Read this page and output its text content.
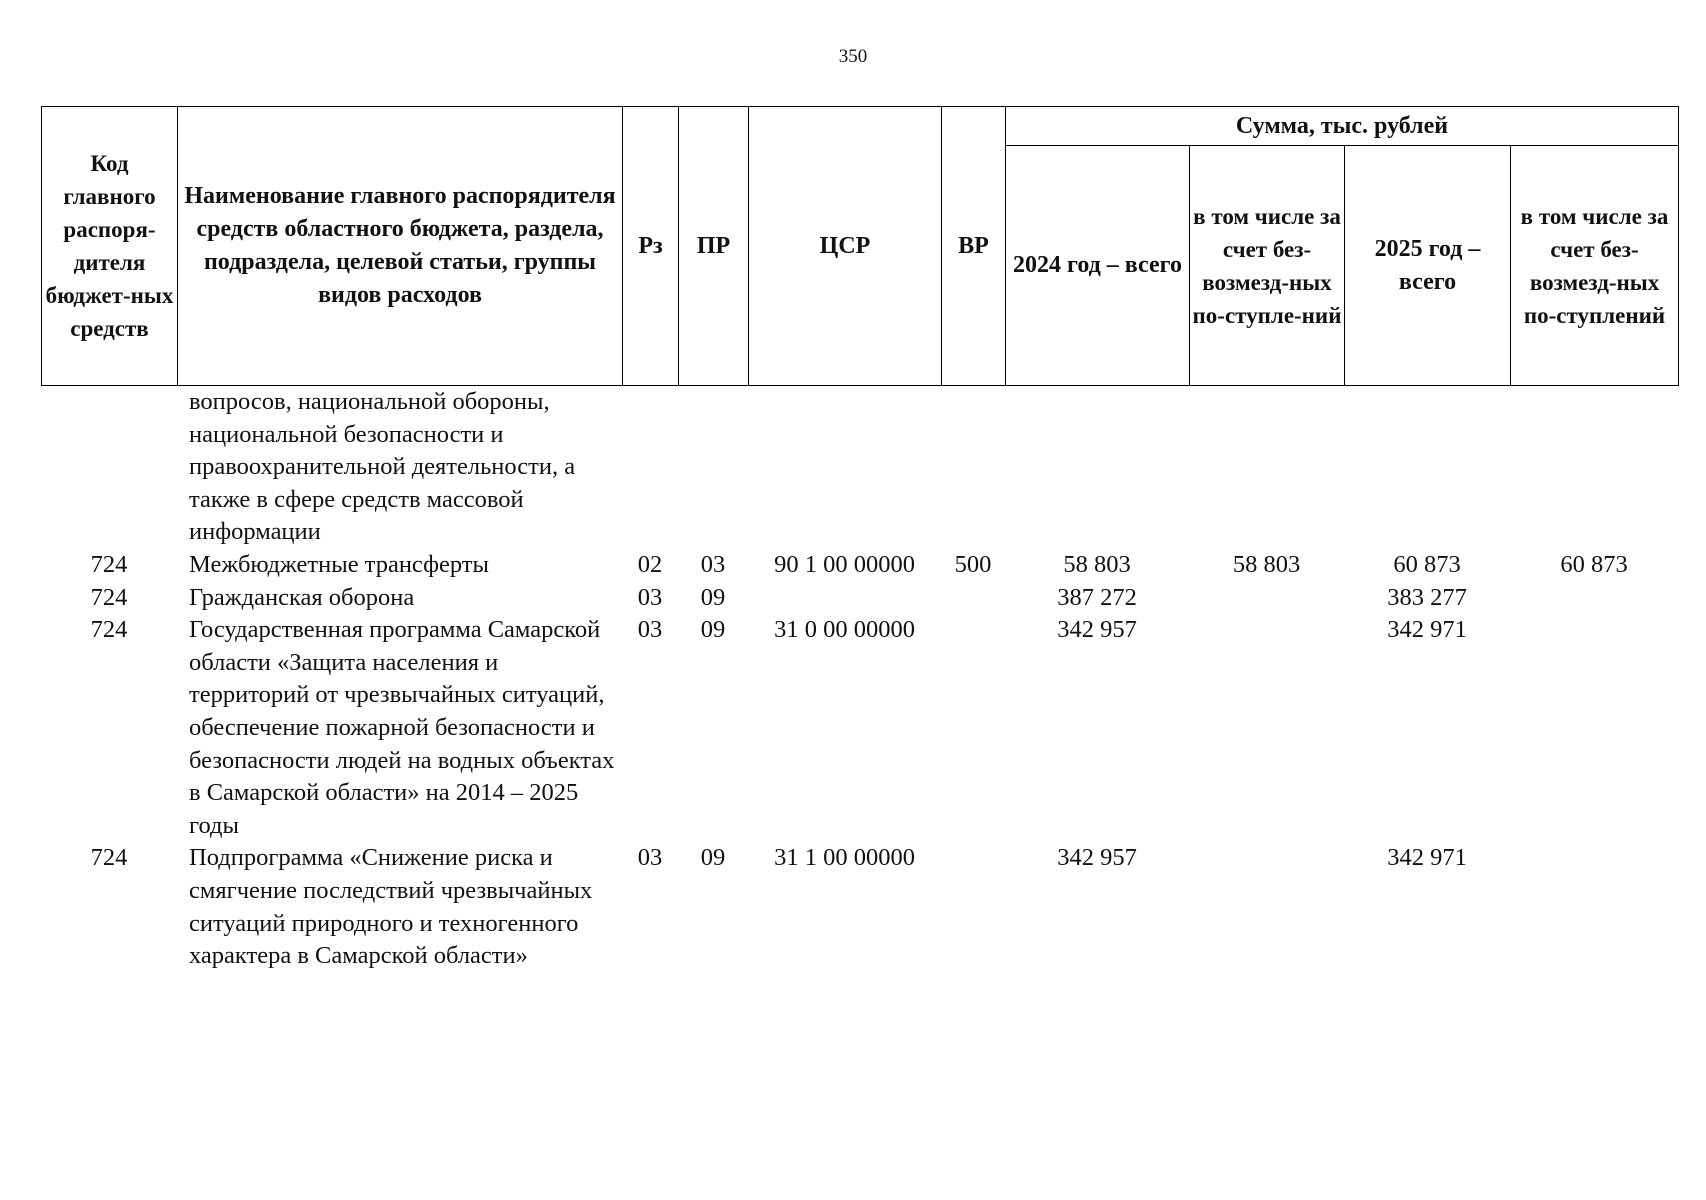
350
Код главного распоря-дителя бюджет-ных средств	Наименование главного распорядителя средств областного бюджета, раздела, подраздела, целевой статьи, группы видов расходов	Рз	ПР	ЦСР	ВР	Сумма, тыс. рублей			
						2024 год – всего	в том числе за счет без-возмезд-ных по-ступле-ний	2025 год – всего	в том числе за счет без-возмезд-ных по-ступлений
	вопросов, национальной обороны, национальной безопасности и правоохранительной деятельности, а также в сфере средств массовой информации								
724	Межбюджетные трансферты	02	03	90 1 00 00000	500	58 803	58 803	60 873	60 873
724	Гражданская оборона	03	09			387 272		383 277	
724	Государственная программа Самарской области «Защита населения и территорий от чрезвычайных ситуаций, обеспечение пожарной безопасности и безопасности людей на водных объектах в Самарской области» на 2014 – 2025 годы	03	09	31 0 00 00000		342 957		342 971	
724	Подпрограмма «Снижение риска и смягчение последствий чрезвычайных ситуаций природного и техногенного характера в Самарской области»	03	09	31 1 00 00000		342 957		342 971	
